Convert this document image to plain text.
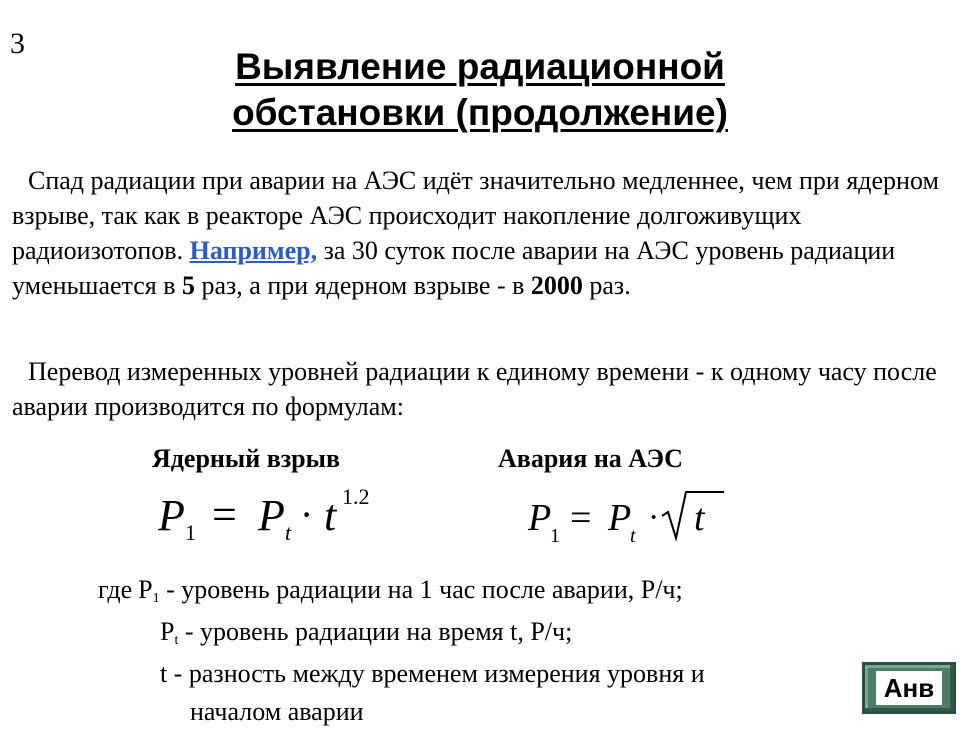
3
Выявление радиационной
обстановки (продолжение)
Спад радиации при аварии на АЭС идёт значительно медленнее, чем при ядерном взрыве, так как в реакторе АЭС происходит накопление долгоживущих радиоизотопов. Например, за 30 суток после аварии на АЭС уровень радиации уменьшается в 5 раз, а при ядерном взрыве - в 2000 раз.
Перевод измеренных уровней радиации к единому времени - к одному часу после аварии производится по формулам:
Ядерный взрыв	Авария на АЭС
P 1 = P t · t 1.2
P
1 = P
t · t
где $P_1$ - уровень радиации на 1 час после аварии, Р/ч;
$P_t$ - уровень радиации на время t, Р/ч;
t - разность между временем измерения уровня и
началом аварии
Анв
